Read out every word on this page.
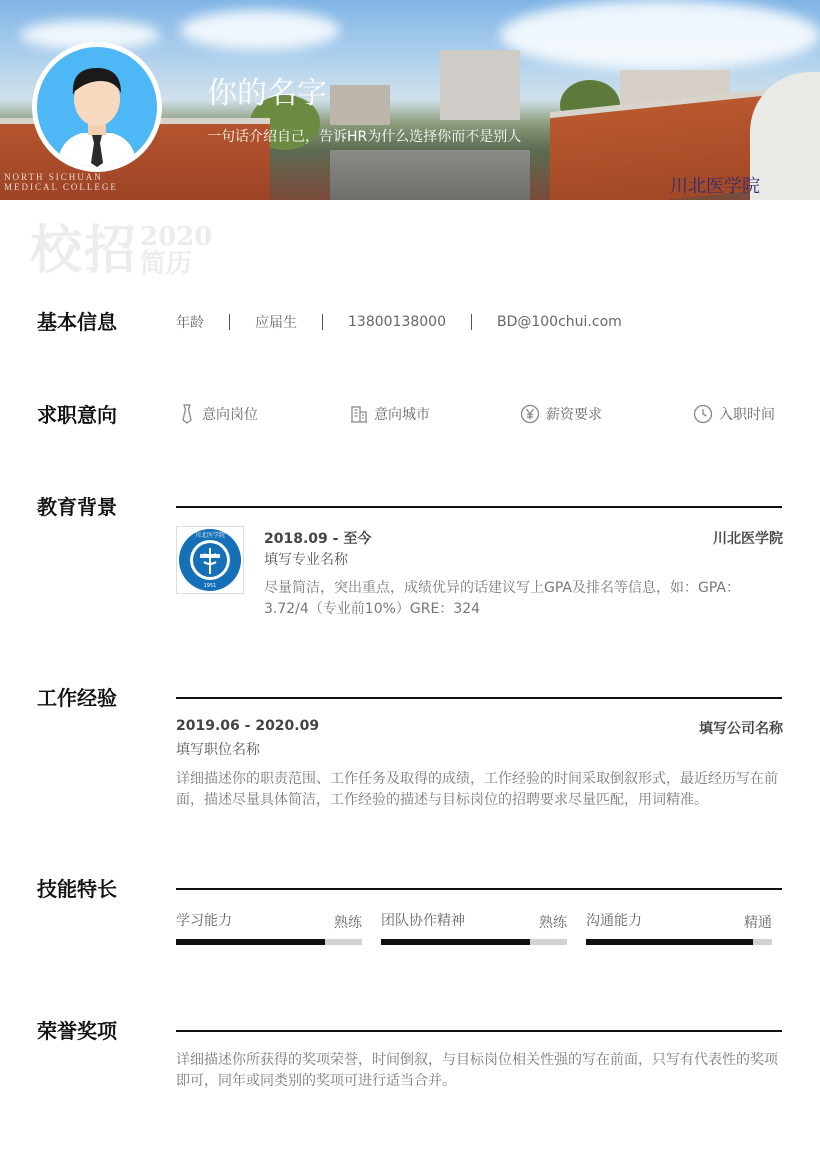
NORTH SICHUAN
MEDICAL COLLEGE	川北医学院
你的名字
一句话介绍自己，告诉HR为什么选择你而不是别人
校招 2020
简历
基本信息	年龄	应届生	13800138000	BD@100chui.com
求职意向	意向岗位	意向城市	薪资要求	入职时间
教育背景
川北医学院
1951
2018.09 - 至今	川北医学院
填写专业名称
尽量简洁，突出重点，成绩优异的话建议写上GPA及排名等信息，如：GPA：3.72/4（专业前10%）GRE：324
工作经验
2019.06 - 2020.09	填写公司名称
填写职位名称
详细描述你的职责范围、工作任务及取得的成绩，工作经验的时间采取倒叙形式，最近经历写在前面，描述尽量具体简洁，工作经验的描述与目标岗位的招聘要求尽量匹配，用词精准。
技能特长
学习能力	熟练 团队协作精神	熟练 沟通能力	精通
荣誉奖项
详细描述你所获得的奖项荣誉，时间倒叙，与目标岗位相关性强的写在前面，只写有代表性的奖项即可，同年或同类别的奖项可进行适当合并。
